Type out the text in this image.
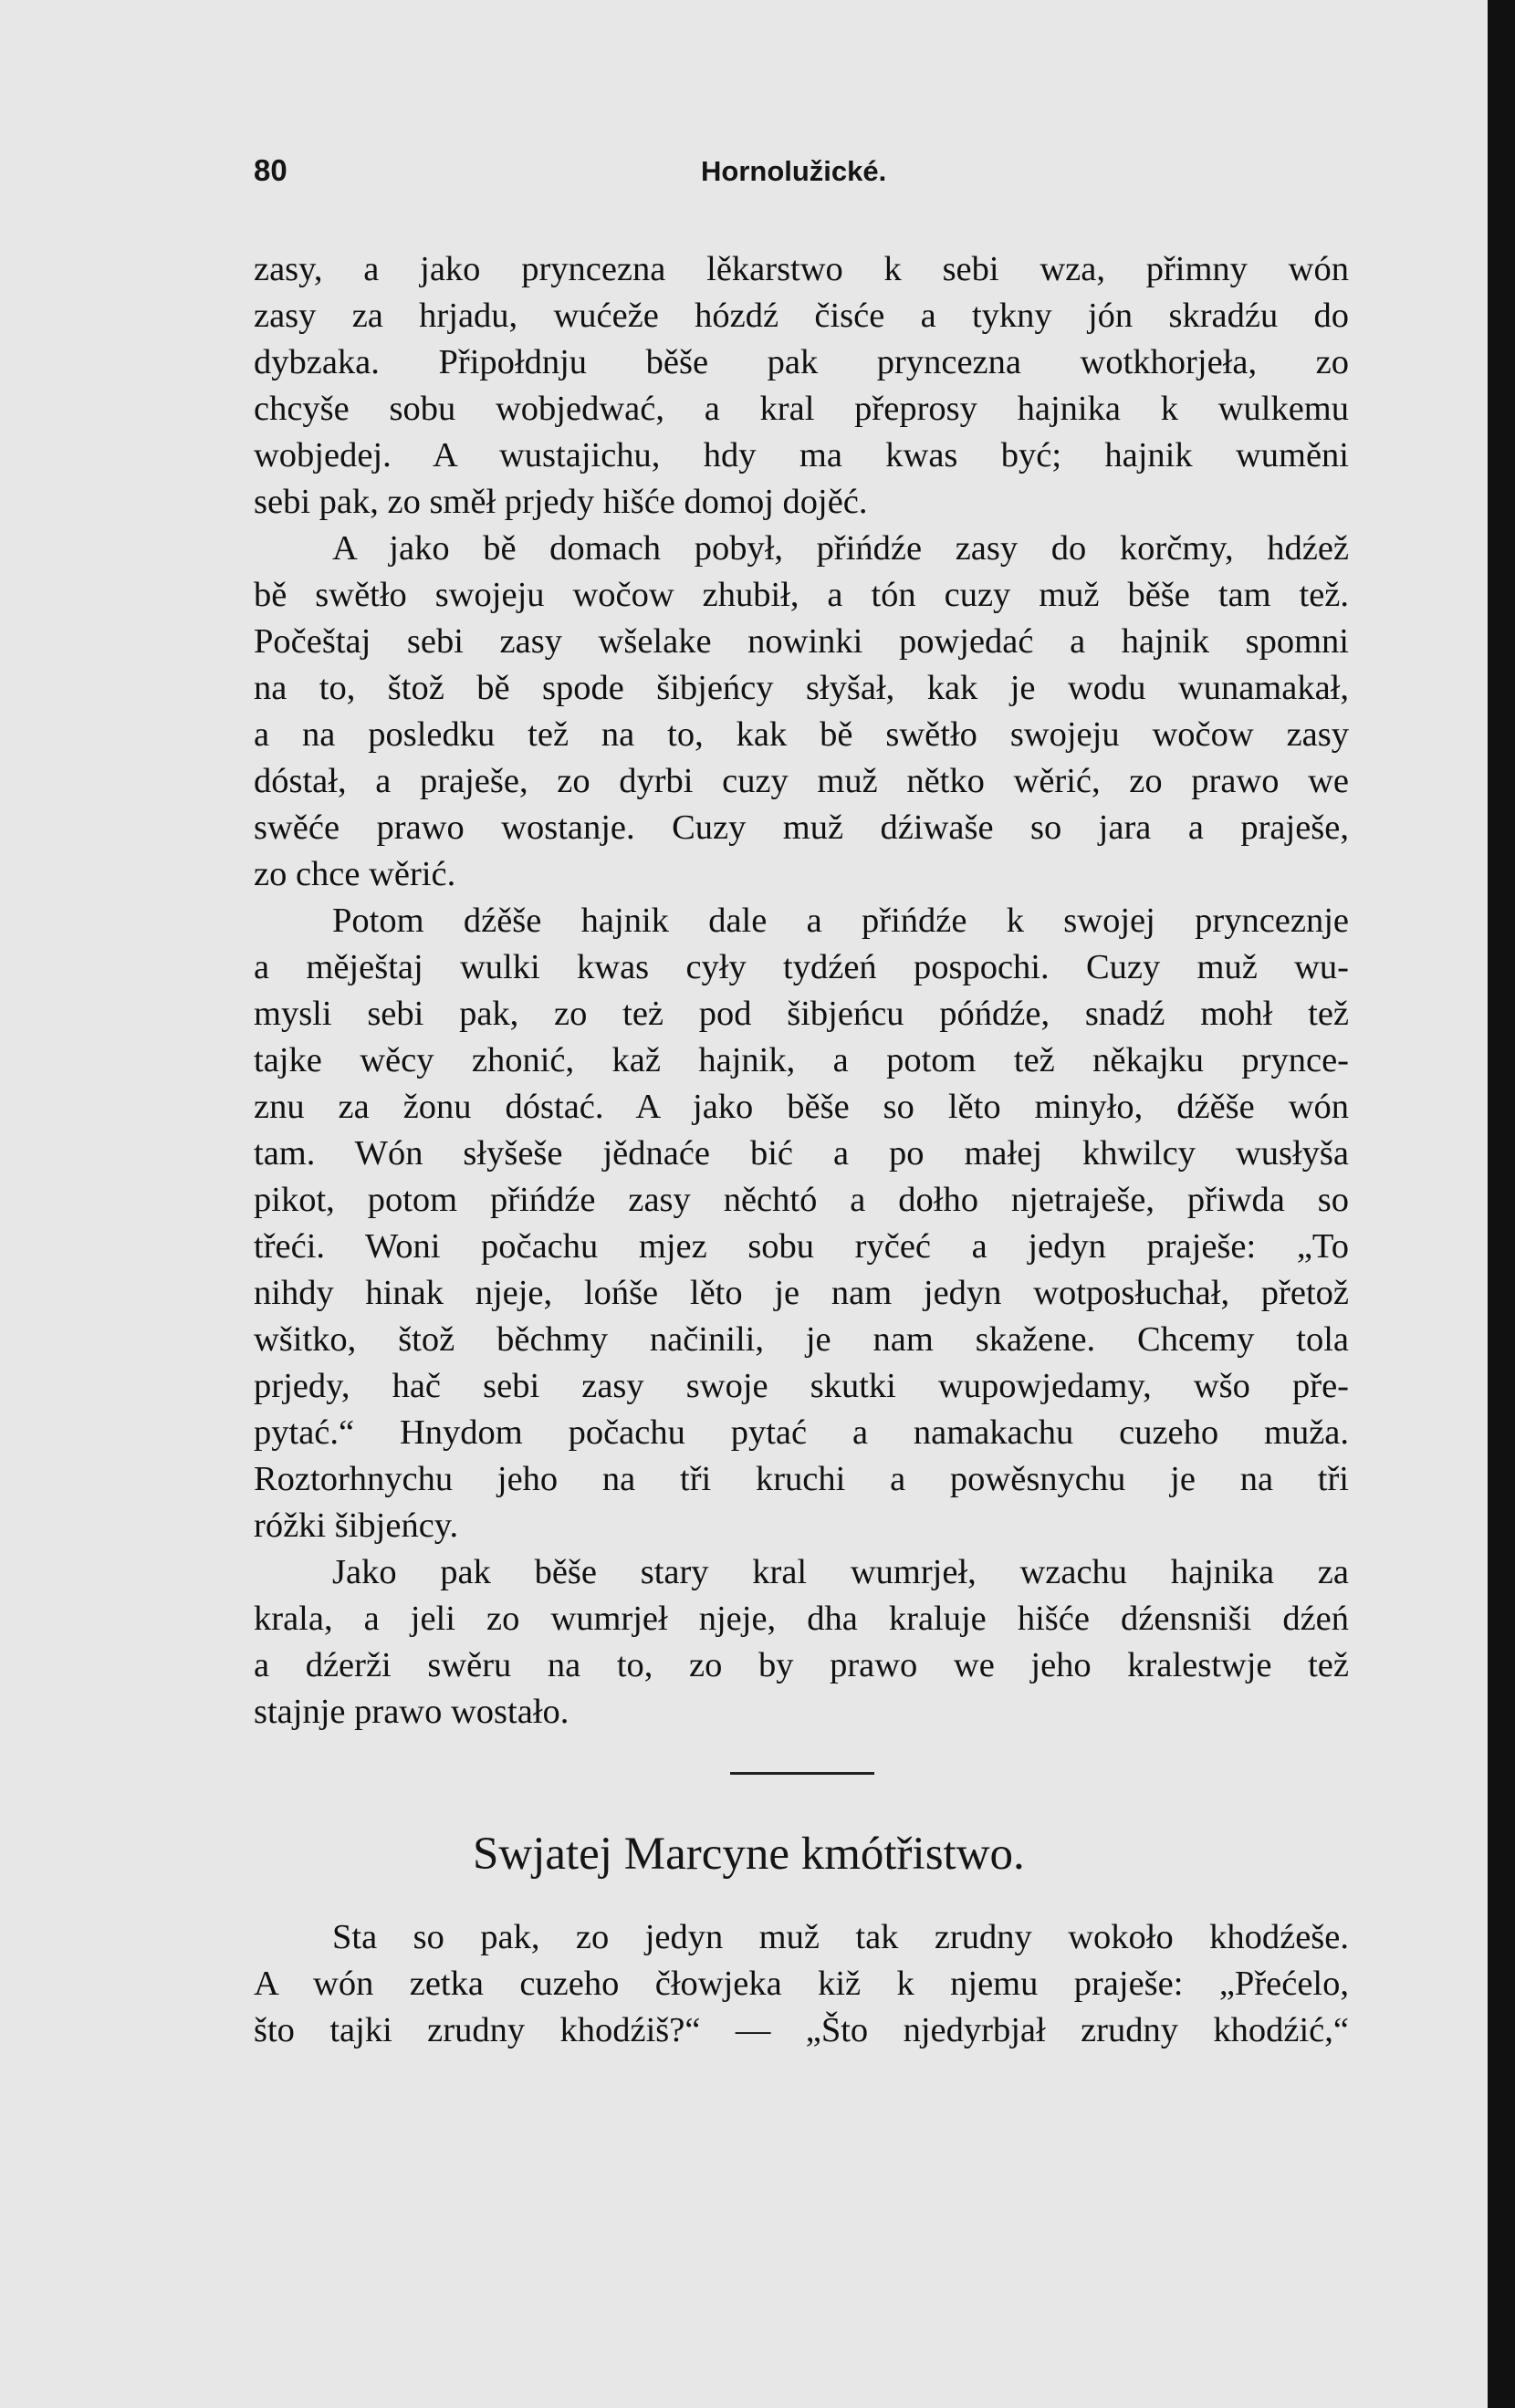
80	Hornolužické.
zasy, a jako pryncezna lěkarstwo k sebi wza, přimny wón
zasy za hrjadu, wućeže hózdź čisće a tykny jón skradźu do
dybzaka. Připołdnju běše pak pryncezna wotkhorjeła, zo
chcyše sobu wobjedwać, a kral přeprosy hajnika k wulkemu
wobjedej. A wustajichu, hdy ma kwas być; hajnik wuměni
sebi pak, zo směł prjedy hišće domoj dojěć.
A jako bě domach pobył, přińdźe zasy do korčmy, hdźež
bě swětło swojeju wočow zhubił, a tón cuzy muž běše tam tež.
Počeštaj sebi zasy wšelake nowinki powjedać a hajnik spomni
na to, štož bě spode šibjeńcy słyšał, kak je wodu wunamakał,
a na posledku tež na to, kak bě swětło swojeju wočow zasy
dóstał, a praješe, zo dyrbi cuzy muž nětko wěrić, zo prawo we
swěće prawo wostanje. Cuzy muž dźiwaše so jara a praješe,
zo chce wěrić.
Potom dźěše hajnik dale a přińdźe k swojej prynceznje
a měještaj wulki kwas cyły tydźeń pospochi. Cuzy muž wu-
mysli sebi pak, zo też pod šibjeńcu póńdźe, snadź mohł tež
tajke wěcy zhonić, kaž hajnik, a potom tež někajku prynce-
znu za žonu dóstać. A jako běše so lěto minyło, dźěše wón
tam. Wón słyšeše jědnaće bić a po małej khwilcy wusłyša
pikot, potom přińdźe zasy něchtó a dołho njetraješe, přiwda so
třeći. Woni počachu mjez sobu ryčeć a jedyn praješe: „To
nihdy hinak njeje, lońše lěto je nam jedyn wotposłuchał, přetož
wšitko, štož běchmy načinili, je nam skažene. Chcemy tola
prjedy, hač sebi zasy swoje skutki wupowjedamy, wšo pře-
pytać.“ Hnydom počachu pytać a namakachu cuzeho muža.
Roztorhnychu jeho na tři kruchi a powěsnychu je na tři
róžki šibjeńcy.
Jako pak běše stary kral wumrjeł, wzachu hajnika za
krala, a jeli zo wumrjeł njeje, dha kraluje hišće dźensniši dźeń
a dźerži swěru na to, zo by prawo we jeho kralestwje tež
stajnje prawo wostało.
Swjatej Marcyne kmótřistwo.
Sta so pak, zo jedyn muž tak zrudny wokoło khodźeše.
A wón zetka cuzeho čłowjeka kiž k njemu praješe: „Přećelo,
što tajki zrudny khodźiš?“ — „Što njedyrbjał zrudny khodźić,“
